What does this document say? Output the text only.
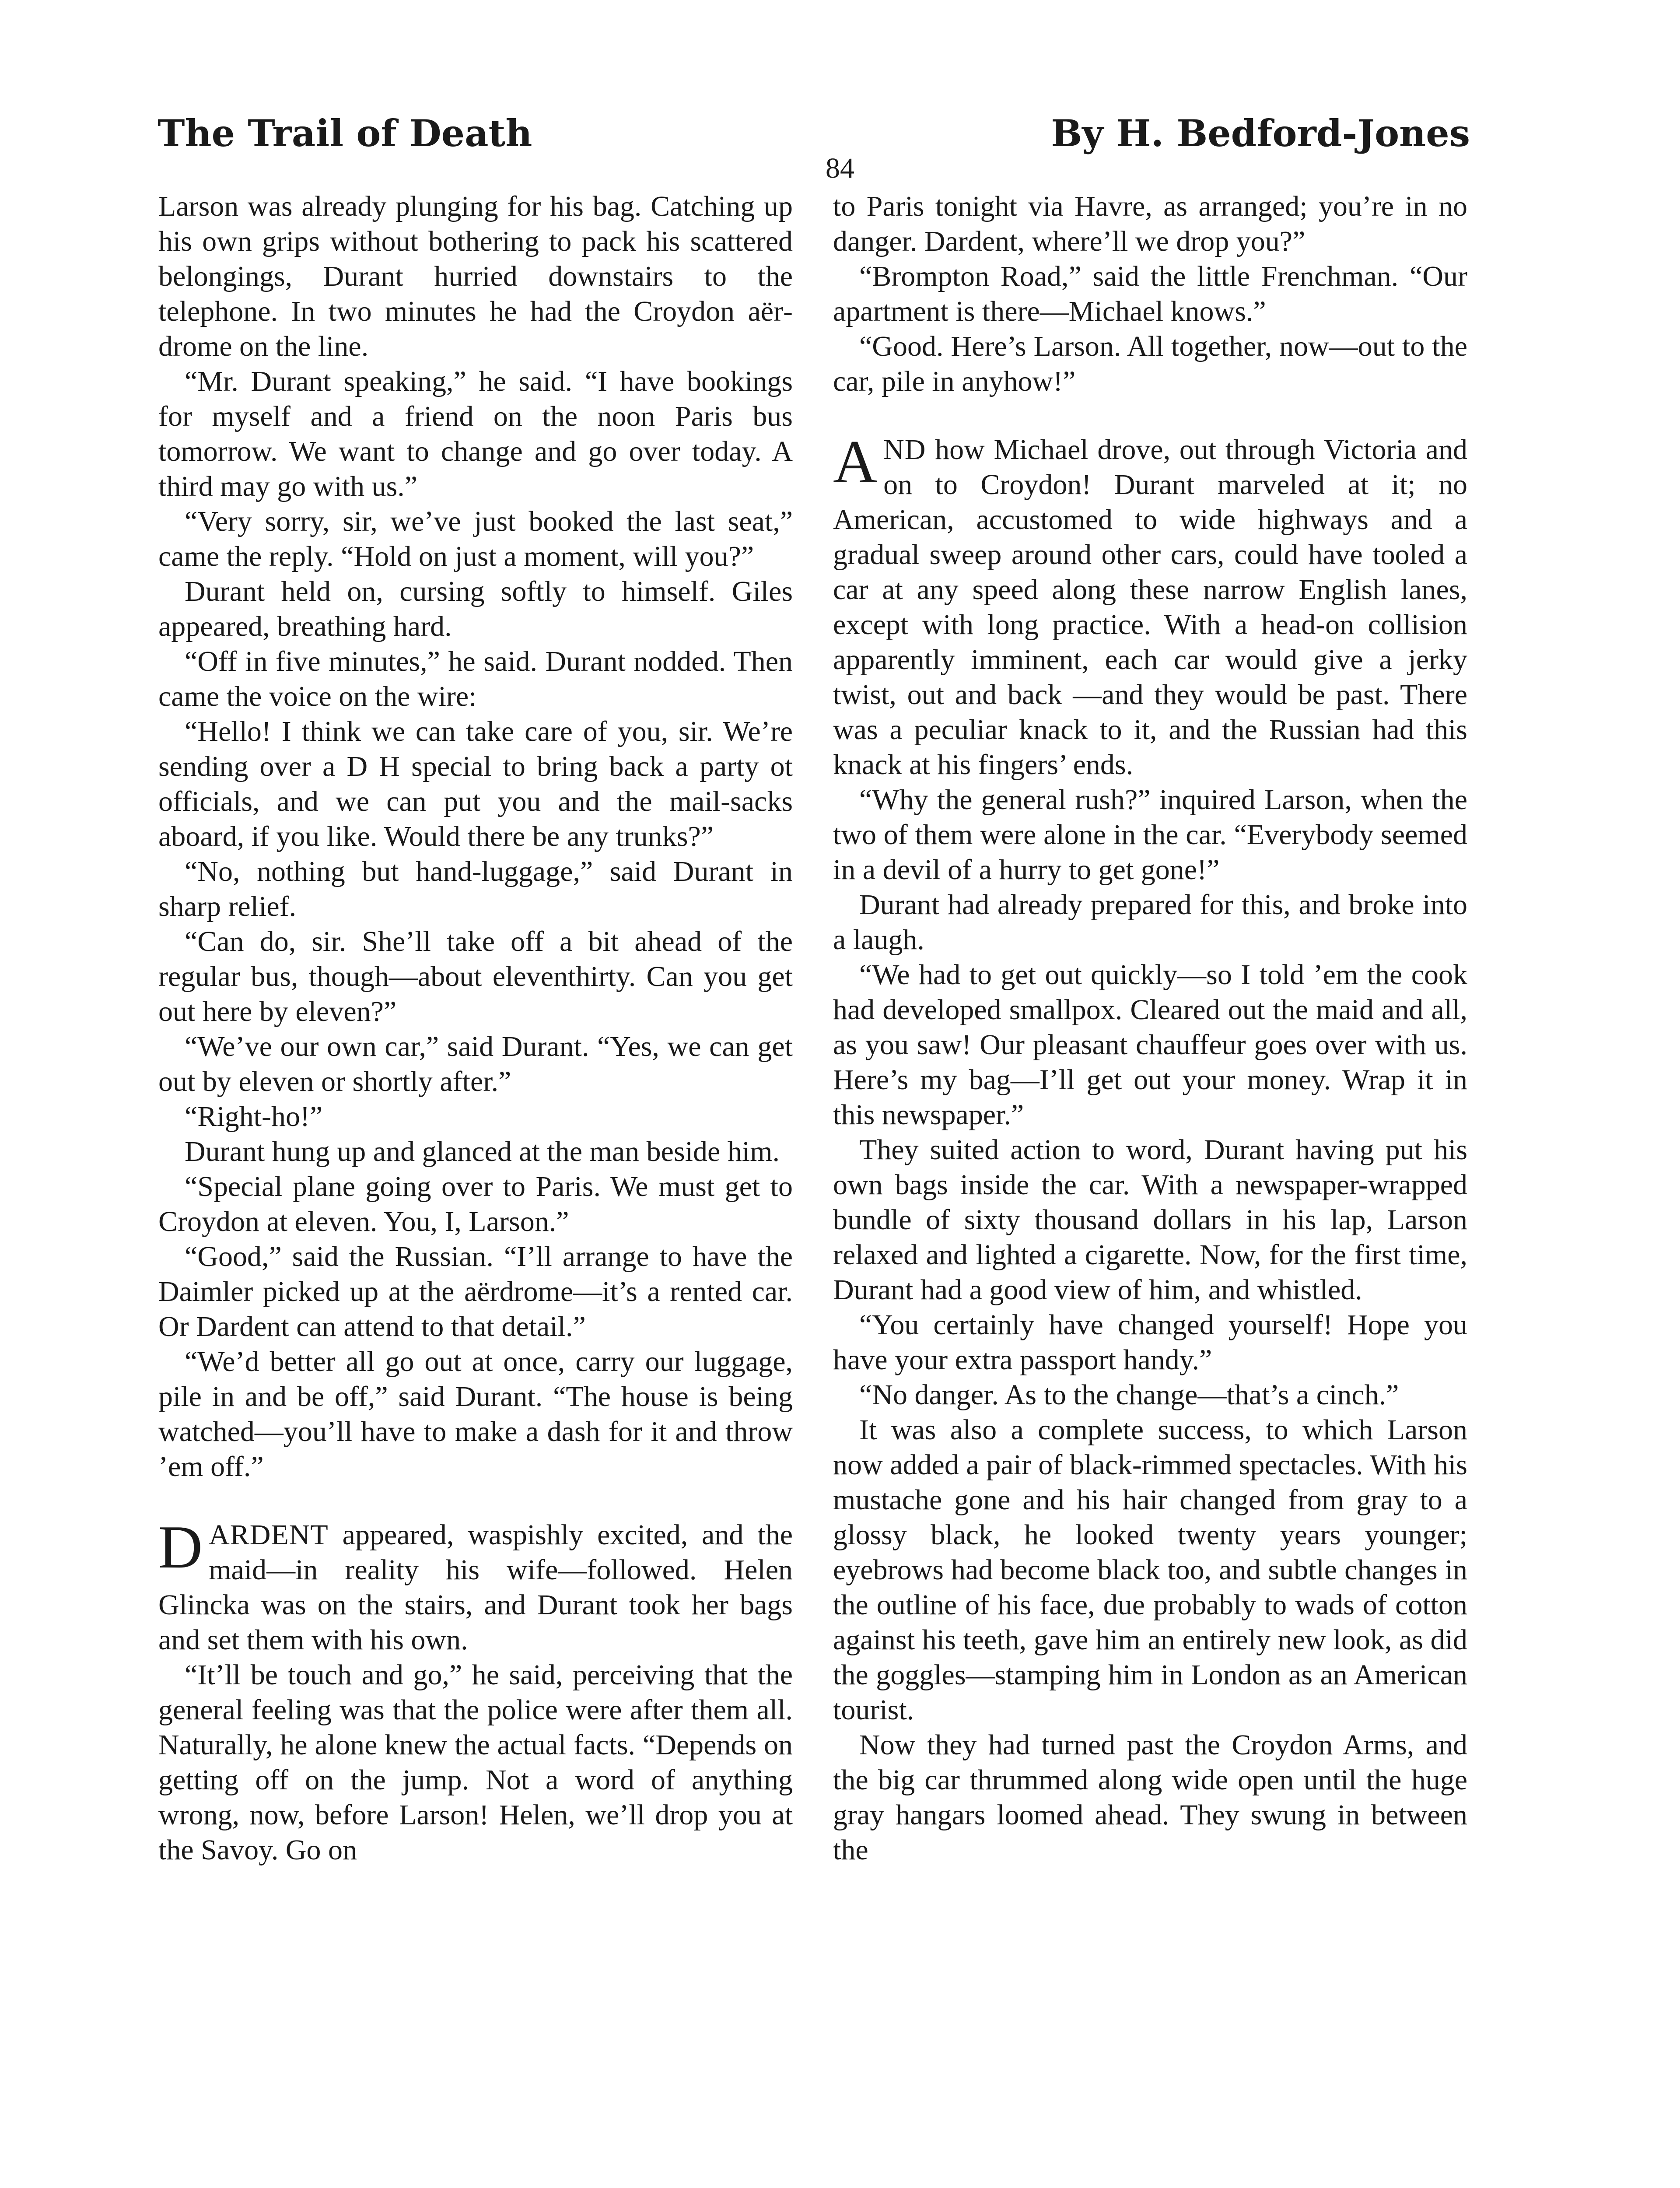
The Trail of Death	By H. Bedford-Jones
84

Larson was already plunging for his bag. Catching up his own grips without bothering to pack his scattered belongings, Durant hurried downstairs to the telephone. In two minutes he had the Croydon aërdrome on the line.

“Mr. Durant speaking,” he said. “I have bookings for myself and a friend on the noon Paris bus tomorrow. We want to change and go over today. A third may go with us.”

“Very sorry, sir, we’ve just booked the last seat,” came the reply. “Hold on just a moment, will you?”

Durant held on, cursing softly to himself. Giles appeared, breathing hard.

“Off in five minutes,” he said. Durant nodded. Then came the voice on the wire:

“Hello! I think we can take care of you, sir. We’re sending over a D H special to bring back a party ot officials, and we can put you and the mail-sacks aboard, if you like. Would there be any trunks?”

“No, nothing but hand-luggage,” said Durant in sharp relief.

“Can do, sir. She’ll take off a bit ahead of the regular bus, though—about eleventhirty. Can you get out here by eleven?”

“We’ve our own car,” said Durant. “Yes, we can get out by eleven or shortly after.”

“Right-ho!”

Durant hung up and glanced at the man beside him.

“Special plane going over to Paris. We must get to Croydon at eleven. You, I, Larson.”

“Good,” said the Russian. “I’ll arrange to have the Daimler picked up at the aërdrome—it’s a rented car. Or Dardent can attend to that detail.”

“We’d better all go out at once, carry our luggage, pile in and be off,” said Durant. “The house is being watched—you’ll have to make a dash for it and throw ’em off.”

DARDENT appeared, waspishly excited, and the maid—in reality his wife—followed. Helen Glincka was on the stairs, and Durant took her bags and set them with his own.

“It’ll be touch and go,” he said, perceiving that the general feeling was that the police were after them all. Naturally, he alone knew the actual facts. “Depends on getting off on the jump. Not a word of anything wrong, now, before Larson! Helen, we’ll drop you at the Savoy. Go on

to Paris tonight via Havre, as arranged; you’re in no danger. Dardent, where’ll we drop you?”

“Brompton Road,” said the little Frenchman. “Our apartment is there—Michael knows.”

“Good. Here’s Larson. All together, now—out to the car, pile in anyhow!”

AND how Michael drove, out through Victoria and on to Croydon! Durant marveled at it; no American, accustomed to wide highways and a gradual sweep around other cars, could have tooled a car at any speed along these narrow English lanes, except with long practice. With a head-on collision apparently imminent, each car would give a jerky twist, out and back —and they would be past. There was a peculiar knack to it, and the Russian had this knack at his fingers’ ends.

“Why the general rush?” inquired Larson, when the two of them were alone in the car. “Everybody seemed in a devil of a hurry to get gone!”

Durant had already prepared for this, and broke into a laugh.

“We had to get out quickly—so I told ’em the cook had developed smallpox. Cleared out the maid and all, as you saw! Our pleasant chauffeur goes over with us. Here’s my bag—I’ll get out your money. Wrap it in this newspaper.”

They suited action to word, Durant having put his own bags inside the car. With a newspaper-wrapped bundle of sixty thousand dollars in his lap, Larson relaxed and lighted a cigarette. Now, for the first time, Durant had a good view of him, and whistled.

“You certainly have changed yourself! Hope you have your extra passport handy.”

“No danger. As to the change—that’s a cinch.”

It was also a complete success, to which Larson now added a pair of black-rimmed spectacles. With his mustache gone and his hair changed from gray to a glossy black, he looked twenty years younger; eyebrows had become black too, and subtle changes in the outline of his face, due probably to wads of cotton against his teeth, gave him an entirely new look, as did the goggles—stamping him in London as an American tourist.

Now they had turned past the Croydon Arms, and the big car thrummed along wide open until the huge gray hangars loomed ahead. They swung in between the
